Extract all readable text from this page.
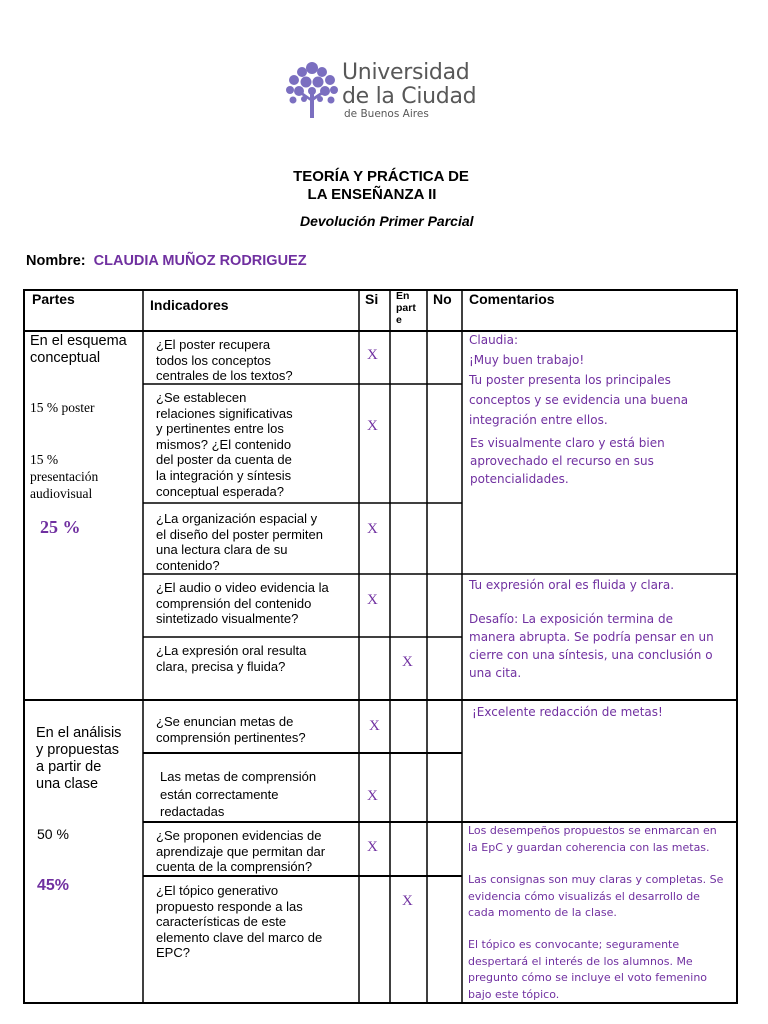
Universidad
de la Ciudad
de Buenos Aires
TEORÍA Y PRÁCTICA DE
LA ENSEÑANZA II
Devolución Primer Parcial
Nombre: CLAUDIA MUÑOZ RODRIGUEZ
Partes	Indicadores	Si En
part
e
No Comentarios
En el esquema
conceptual
15 % poster
15 %
presentación
audiovisual
25 %
En el análisis
y propuestas
a partir de
una clase
50 %
45%
¿El poster recupera
todos los conceptos
centrales de los textos?
¿Se establecen
relaciones significativas
y pertinentes entre los
mismos? ¿El contenido
del poster da cuenta de
la integración y síntesis
conceptual esperada?
¿La organización espacial y
el diseño del poster permiten
una lectura clara de su
contenido?
¿El audio o video evidencia la
comprensión del contenido
sintetizado visualmente?
¿La expresión oral resulta
clara, precisa y fluida?
¿Se enuncian metas de
comprensión pertinentes?
Las metas de comprensión
están correctamente
redactadas
¿Se proponen evidencias de
aprendizaje que permitan dar
cuenta de la comprensión?
¿El tópico generativo
propuesto responde a las
características de este
elemento clave del marco de
EPC?
X
X
X
X
X
X
X
X
X
Claudia:
¡Muy buen trabajo!
Tu poster presenta los principales
conceptos y se evidencia una buena
integración entre ellos.
Es visualmente claro y está bien
aprovechado el recurso en sus
potencialidades.
Tu expresión oral es fluida y clara.
Desafío: La exposición termina de
manera abrupta. Se podría pensar en un
cierre con una síntesis, una conclusión o
una cita.
¡Excelente redacción de metas!
Los desempeños propuestos se enmarcan en
la EpC y guardan coherencia con las metas.
Las consignas son muy claras y completas. Se
evidencia cómo visualizás el desarrollo de
cada momento de la clase.
El tópico es convocante; seguramente
despertará el interés de los alumnos. Me
pregunto cómo se incluye el voto femenino
bajo este tópico.
